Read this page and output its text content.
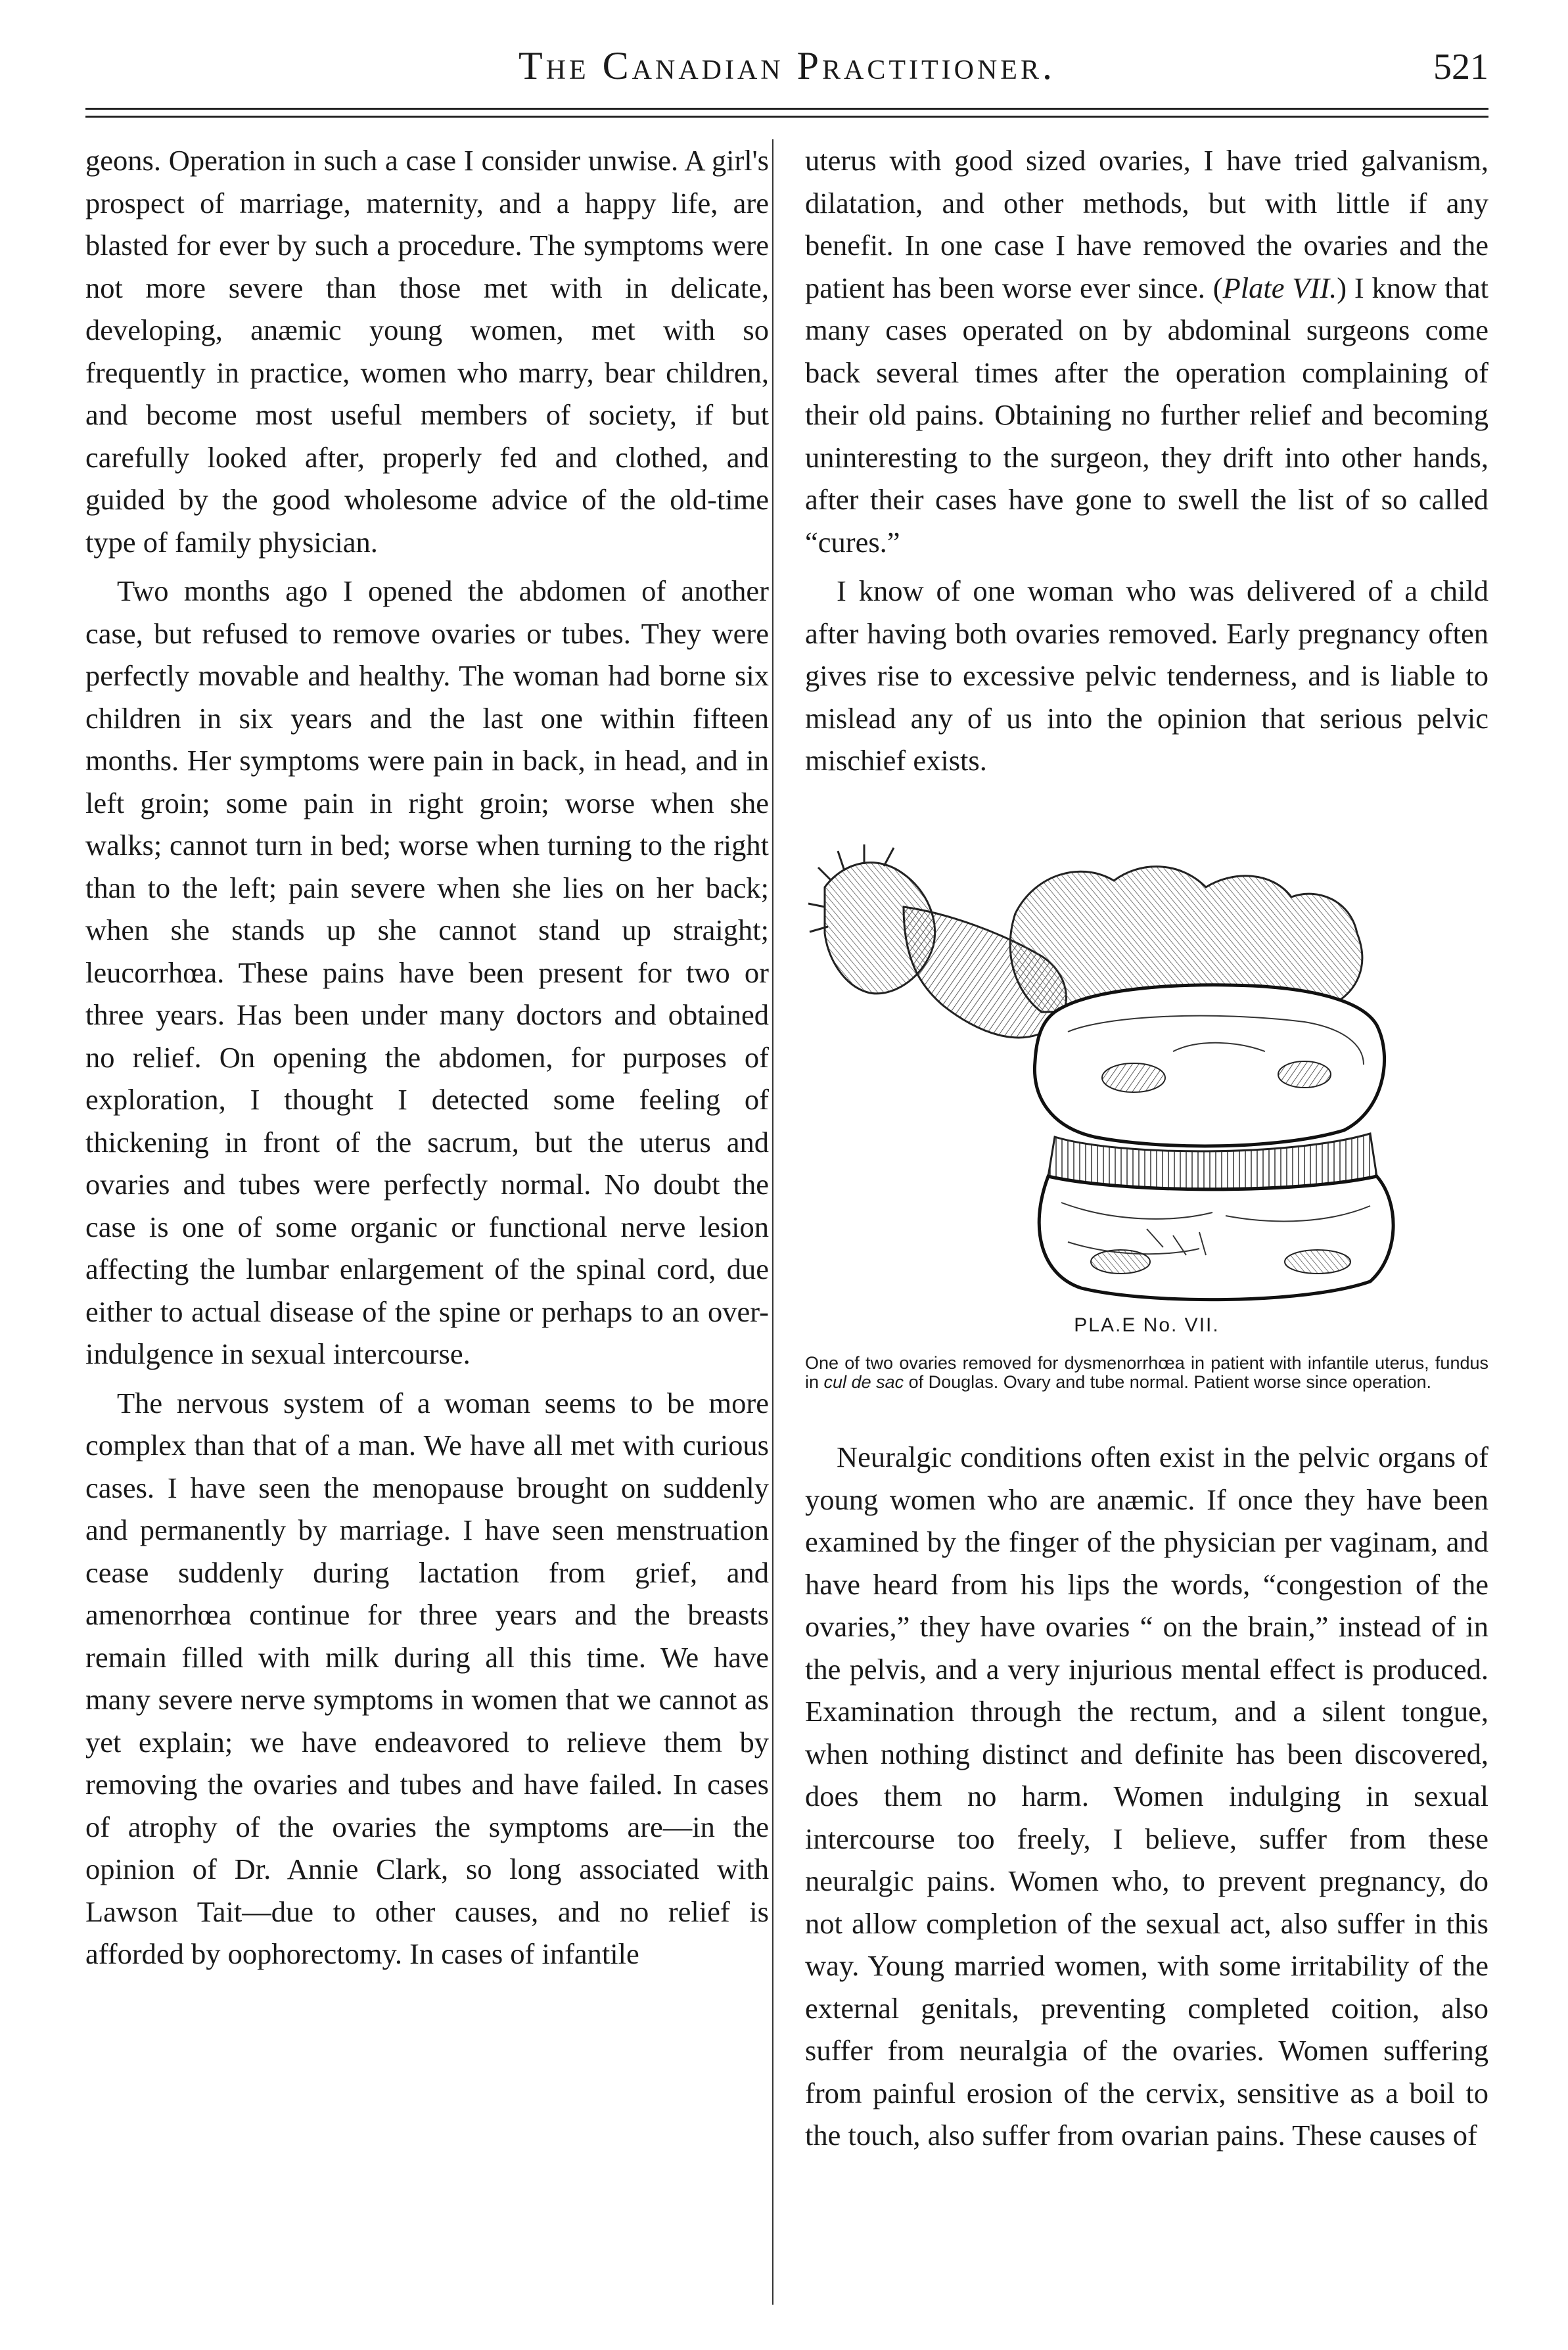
The Canadian Practitioner.	521

geons. Operation in such a case I consider unwise. A girl's prospect of marriage, maternity, and a happy life, are blasted for ever by such a procedure. The symptoms were not more severe than those met with in delicate, developing, anæmic young women, met with so frequently in practice, women who marry, bear children, and become most useful members of society, if but carefully looked after, properly fed and clothed, and guided by the good wholesome advice of the old-time type of family physician.

Two months ago I opened the abdomen of another case, but refused to remove ovaries or tubes. They were perfectly movable and healthy. The woman had borne six children in six years and the last one within fifteen months. Her symptoms were pain in back, in head, and in left groin; some pain in right groin; worse when she walks; cannot turn in bed; worse when turning to the right than to the left; pain severe when she lies on her back; when she stands up she cannot stand up straight; leucorrhœa. These pains have been present for two or three years. Has been under many doctors and obtained no relief. On opening the abdomen, for purposes of exploration, I thought I detected some feeling of thickening in front of the sacrum, but the uterus and ovaries and tubes were perfectly normal. No doubt the case is one of some organic or functional nerve lesion affecting the lumbar enlargement of the spinal cord, due either to actual disease of the spine or perhaps to an over-indulgence in sexual intercourse.

The nervous system of a woman seems to be more complex than that of a man. We have all met with curious cases. I have seen the menopause brought on suddenly and permanently by marriage. I have seen menstruation cease suddenly during lactation from grief, and amenorrhœa continue for three years and the breasts remain filled with milk during all this time. We have many severe nerve symptoms in women that we cannot as yet explain; we have endeavored to relieve them by removing the ovaries and tubes and have failed. In cases of atrophy of the ovaries the symptoms are—in the opinion of Dr. Annie Clark, so long associated with Lawson Tait—due to other causes, and no relief is afforded by oophorectomy. In cases of infantile

uterus with good sized ovaries, I have tried galvanism, dilatation, and other methods, but with little if any benefit. In one case I have removed the ovaries and the patient has been worse ever since. (Plate VII.) I know that many cases operated on by abdominal surgeons come back several times after the operation complaining of their old pains. Obtaining no further relief and becoming uninteresting to the surgeon, they drift into other hands, after their cases have gone to swell the list of so called “cures.”

I know of one woman who was delivered of a child after having both ovaries removed. Early pregnancy often gives rise to excessive pelvic tenderness, and is liable to mislead any of us into the opinion that serious pelvic mischief exists.

PLA.E No. VII.
One of two ovaries removed for dysmenorrhœa in patient with infantile uterus, fundus in cul de sac of Douglas. Ovary and tube normal. Patient worse since operation.

Neuralgic conditions often exist in the pelvic organs of young women who are anæmic. If once they have been examined by the finger of the physician per vaginam, and have heard from his lips the words, “congestion of the ovaries,” they have ovaries “ on the brain,” instead of in the pelvis, and a very injurious mental effect is produced. Examination through the rectum, and a silent tongue, when nothing distinct and definite has been discovered, does them no harm. Women indulging in sexual intercourse too freely, I believe, suffer from these neuralgic pains. Women who, to prevent pregnancy, do not allow completion of the sexual act, also suffer in this way. Young married women, with some irritability of the external genitals, preventing completed coition, also suffer from neuralgia of the ovaries. Women suffering from painful erosion of the cervix, sensitive as a boil to the touch, also suffer from ovarian pains. These causes of
